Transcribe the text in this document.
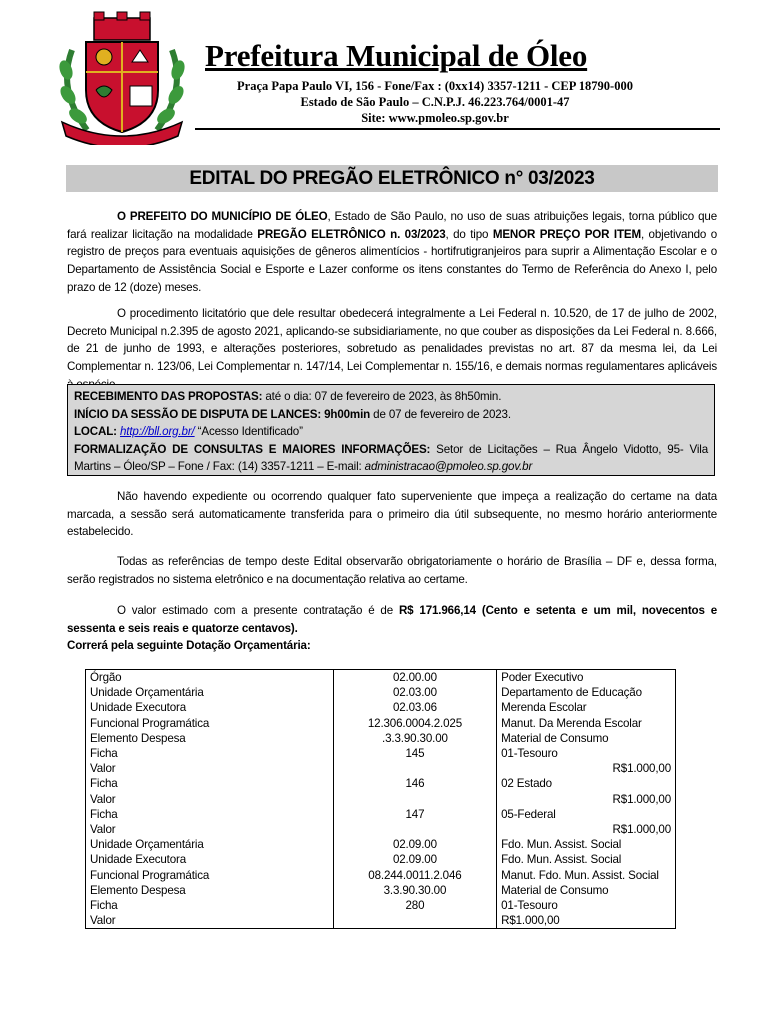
Prefeitura Municipal de Óleo
Praça Papa Paulo VI, 156 - Fone/Fax : (0xx14) 3357-1211 - CEP 18790-000
Estado de São Paulo – C.N.P.J. 46.223.764/0001-47
Site: www.pmoleo.sp.gov.br
EDITAL DO PREGÃO ELETRÔNICO n° 03/2023
O PREFEITO DO MUNICÍPIO DE ÓLEO, Estado de São Paulo, no uso de suas atribuições legais, torna público que fará realizar licitação na modalidade PREGÃO ELETRÔNICO n. 03/2023, do tipo MENOR PREÇO POR ITEM, objetivando o registro de preços para eventuais aquisições de gêneros alimentícios - hortifrutigranjeiros para suprir a Alimentação Escolar e o Departamento de Assistência Social e Esporte e Lazer conforme os itens constantes do Termo de Referência do Anexo I, pelo prazo de 12 (doze) meses.
O procedimento licitatório que dele resultar obedecerá integralmente a Lei Federal n. 10.520, de 17 de julho de 2002, Decreto Municipal n.2.395 de agosto 2021, aplicando-se subsidiariamente, no que couber as disposições da Lei Federal n. 8.666, de 21 de junho de 1993, e alterações posteriores, sobretudo as penalidades previstas no art. 87 da mesma lei, da Lei Complementar n. 123/06, Lei Complementar n. 147/14, Lei Complementar n. 155/16, e demais normas regulamentares aplicáveis
RECEBIMENTO DAS PROPOSTAS: até o dia: 07 de fevereiro de 2023, às 8h50min.
INÍCIO DA SESSÃO DE DISPUTA DE LANCES: 9h00min de 07 de fevereiro de 2023.
LOCAL: http://bll.org.br/ “Acesso Identificado”
FORMALIZAÇÃO DE CONSULTAS E MAIORES INFORMAÇÕES: Setor de Licitações – Rua Ângelo Vidotto, 95- Vila
Martins – Óleo/SP – Fone / Fax: (14) 3357-1211 – E-mail: administracao@pmoleo.sp.gov.br
Não havendo expediente ou ocorrendo qualquer fato superveniente que impeça a realização do certame na data marcada, a sessão será automaticamente transferida para o primeiro dia útil subsequente, no mesmo horário anteriormente estabelecido.
Todas as referências de tempo deste Edital observarão obrigatoriamente o horário de Brasília – DF e, dessa forma, serão registrados no sistema eletrônico e na documentação relativa ao certame.
O valor estimado com a presente contratação é de R$ 171.966,14 (Cento e setenta e um mil, novecentos e sessenta e seis reais e quatorze centavos).
Correrá pela seguinte Dotação Orçamentária:
Órgão	02.00.00	Poder Executivo
Unidade Orçamentária	02.03.00	Departamento de Educação
Unidade Executora	02.03.06	Merenda Escolar
Funcional Programática	12.306.0004.2.025	Manut. Da Merenda Escolar
Elemento Despesa	.3.3.90.30.00	Material de Consumo
Ficha	145	01-Tesouro
Valor		R$1.000,00
Ficha	146	02 Estado
Valor		R$1.000,00
Ficha	147	05-Federal
Valor		R$1.000,00
Unidade Orçamentária	02.09.00	Fdo. Mun. Assist. Social
Unidade Executora	02.09.00	Fdo. Mun. Assist. Social
Funcional Programática	08.244.0011.2.046	Manut. Fdo. Mun. Assist. Social
Elemento Despesa	3.3.90.30.00	Material de Consumo
Ficha	280	01-Tesouro
Valor		R$1.000,00
